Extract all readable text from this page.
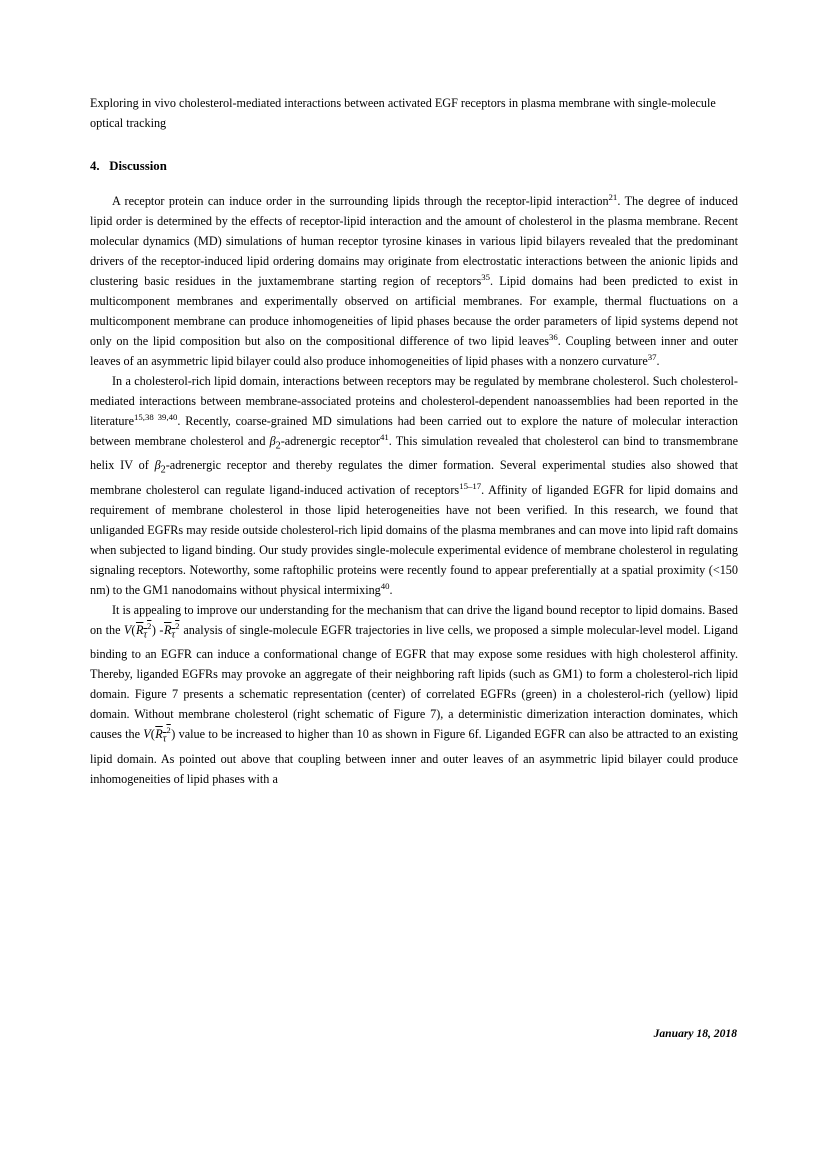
Exploring in vivo cholesterol-mediated interactions between activated EGF receptors in plasma membrane with single-molecule optical tracking
4. Discussion

A receptor protein can induce order in the surrounding lipids through the receptor-lipid interaction$^{21}$. The degree of induced lipid order is determined by the effects of receptor-lipid interaction and the amount of cholesterol in the plasma membrane. Recent molecular dynamics (MD) simulations of human receptor tyrosine kinases in various lipid bilayers revealed that the predominant drivers of the receptor-induced lipid ordering domains may originate from electrostatic interactions between the anionic lipids and clustering basic residues in the juxtamembrane starting region of receptors$^{35}$. Lipid domains had been predicted to exist in multicomponent membranes and experimentally observed on artificial membranes. For example, thermal fluctuations on a multicomponent membrane can produce inhomogeneities of lipid phases because the order parameters of lipid systems depend not only on the lipid composition but also on the compositional difference of two lipid leaves$^{36}$. Coupling between inner and outer leaves of an asymmetric lipid bilayer could also produce inhomogeneities of lipid phases with a nonzero curvature$^{37}$.

In a cholesterol-rich lipid domain, interactions between receptors may be regulated by membrane cholesterol. Such cholesterol-mediated interactions between membrane-associated proteins and cholesterol-dependent nanoassemblies had been reported in the literature$^{15,38 39,40}$. Recently, coarse-grained MD simulations had been carried out to explore the nature of molecular interaction between membrane cholesterol and $\beta_2$-adrenergic receptor$^{41}$. This simulation revealed that cholesterol can bind to transmembrane helix IV of $\beta_2$-adrenergic receptor and thereby regulates the dimer formation. Several experimental studies also showed that membrane cholesterol can regulate ligand-induced activation of receptors$^{15-17}$. Affinity of liganded EGFR for lipid domains and requirement of membrane cholesterol in those lipid heterogeneities have not been verified. In this research, we found that unliganded EGFRs may reside outside cholesterol-rich lipid domains of the plasma membranes and can move into lipid raft domains when subjected to ligand binding. Our study provides single-molecule experimental evidence of membrane cholesterol in regulating signaling receptors. Noteworthy, some raftophilic proteins were recently found to appear preferentially at a spatial proximity (<150 nm) to the GM1 nanodomains without physical intermixing$^{40}$.

It is appealing to improve our understanding for the mechanism that can drive the ligand bound receptor to lipid domains. Based on the $V(R_\tau^2)$ $-R_\tau^2$ analysis of single-molecule EGFR trajectories in live cells, we proposed a simple molecular-level model. Ligand binding to an EGFR can induce a conformational change of EGFR that may expose some residues with high cholesterol affinity. Thereby, liganded EGFRs may provoke an aggregate of their neighboring raft lipids (such as GM1) to form a cholesterol-rich lipid domain. Figure 7 presents a schematic representation (center) of correlated EGFRs (green) in a cholesterol-rich (yellow) lipid domain. Without membrane cholesterol (right schematic of Figure 7), a deterministic dimerization interaction dominates, which causes the $V(R_\tau^2)$ value to be increased to higher than 10 as shown in Figure 6f. Liganded EGFR can also be attracted to an existing lipid domain. As pointed out above that coupling between inner and outer leaves of an asymmetric lipid bilayer could produce inhomogeneities of lipid phases with a

January 18, 2018
